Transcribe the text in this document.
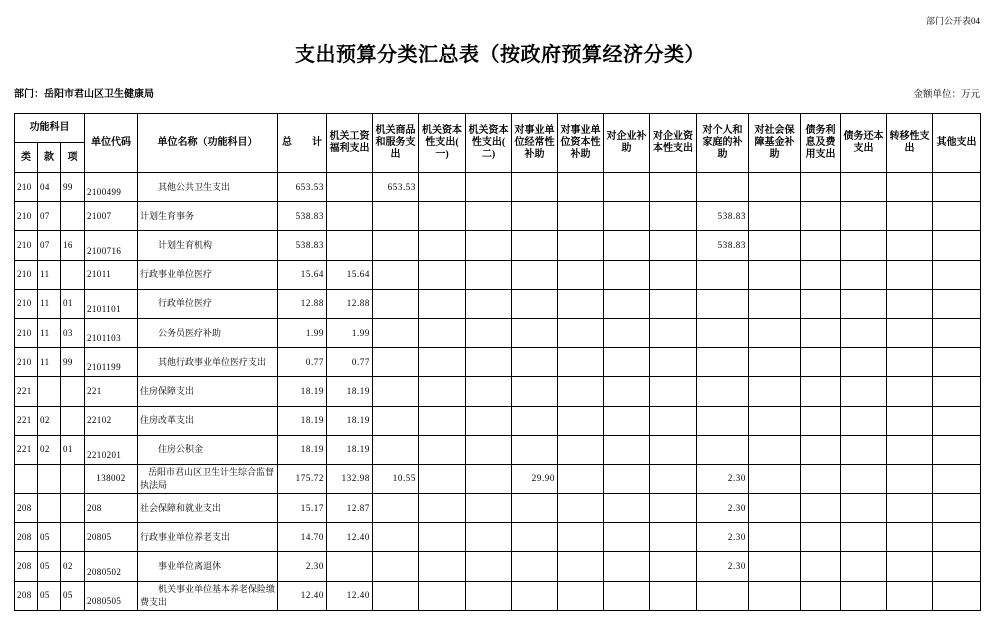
部门公开表04
支出预算分类汇总表（按政府预算经济分类）
部门：岳阳市君山区卫生健康局	金额单位：万元
功能科目			单位代码	单位名称（功能科目）	总　　计	机关工资福利支出	机关商品和服务支出	机关资本性支出(一)	机关资本性支出(二)	对事业单位经常性补助	对事业单位资本性补助	对企业补助	对企业资本性支出	对个人和家庭的补助	对社会保障基金补助	债务利息及费用支出	债务还本支出	转移性支出	其他支出
类	款	项																	
210	04	99	2100499	其他公共卫生支出	653.53		653.53												
210	07		21007	计划生育事务	538.83									538.83					
210	07	16	2100716	计划生育机构	538.83									538.83					
210	11		21011	行政事业单位医疗	15.64	15.64													
210	11	01	2101101	行政单位医疗	12.88	12.88													
210	11	03	2101103	公务员医疗补助	1.99	1.99													
210	11	99	2101199	其他行政事业单位医疗支出	0.77	0.77													
221			221	住房保障支出	18.19	18.19													
221	02		22102	住房改革支出	18.19	18.19													
221	02	01	2210201	住房公积金	18.19	18.19													
			138002	岳阳市君山区卫生计生综合监督执法局	175.72	132.98	10.55			29.90				2.30					
208			208	社会保障和就业支出	15.17	12.87								2.30					
208	05		20805	行政事业单位养老支出	14.70	12.40								2.30					
208	05	02	2080502	事业单位离退休	2.30									2.30					
208	05	05	2080505	机关事业单位基本养老保险缴费支出	12.40	12.40													
